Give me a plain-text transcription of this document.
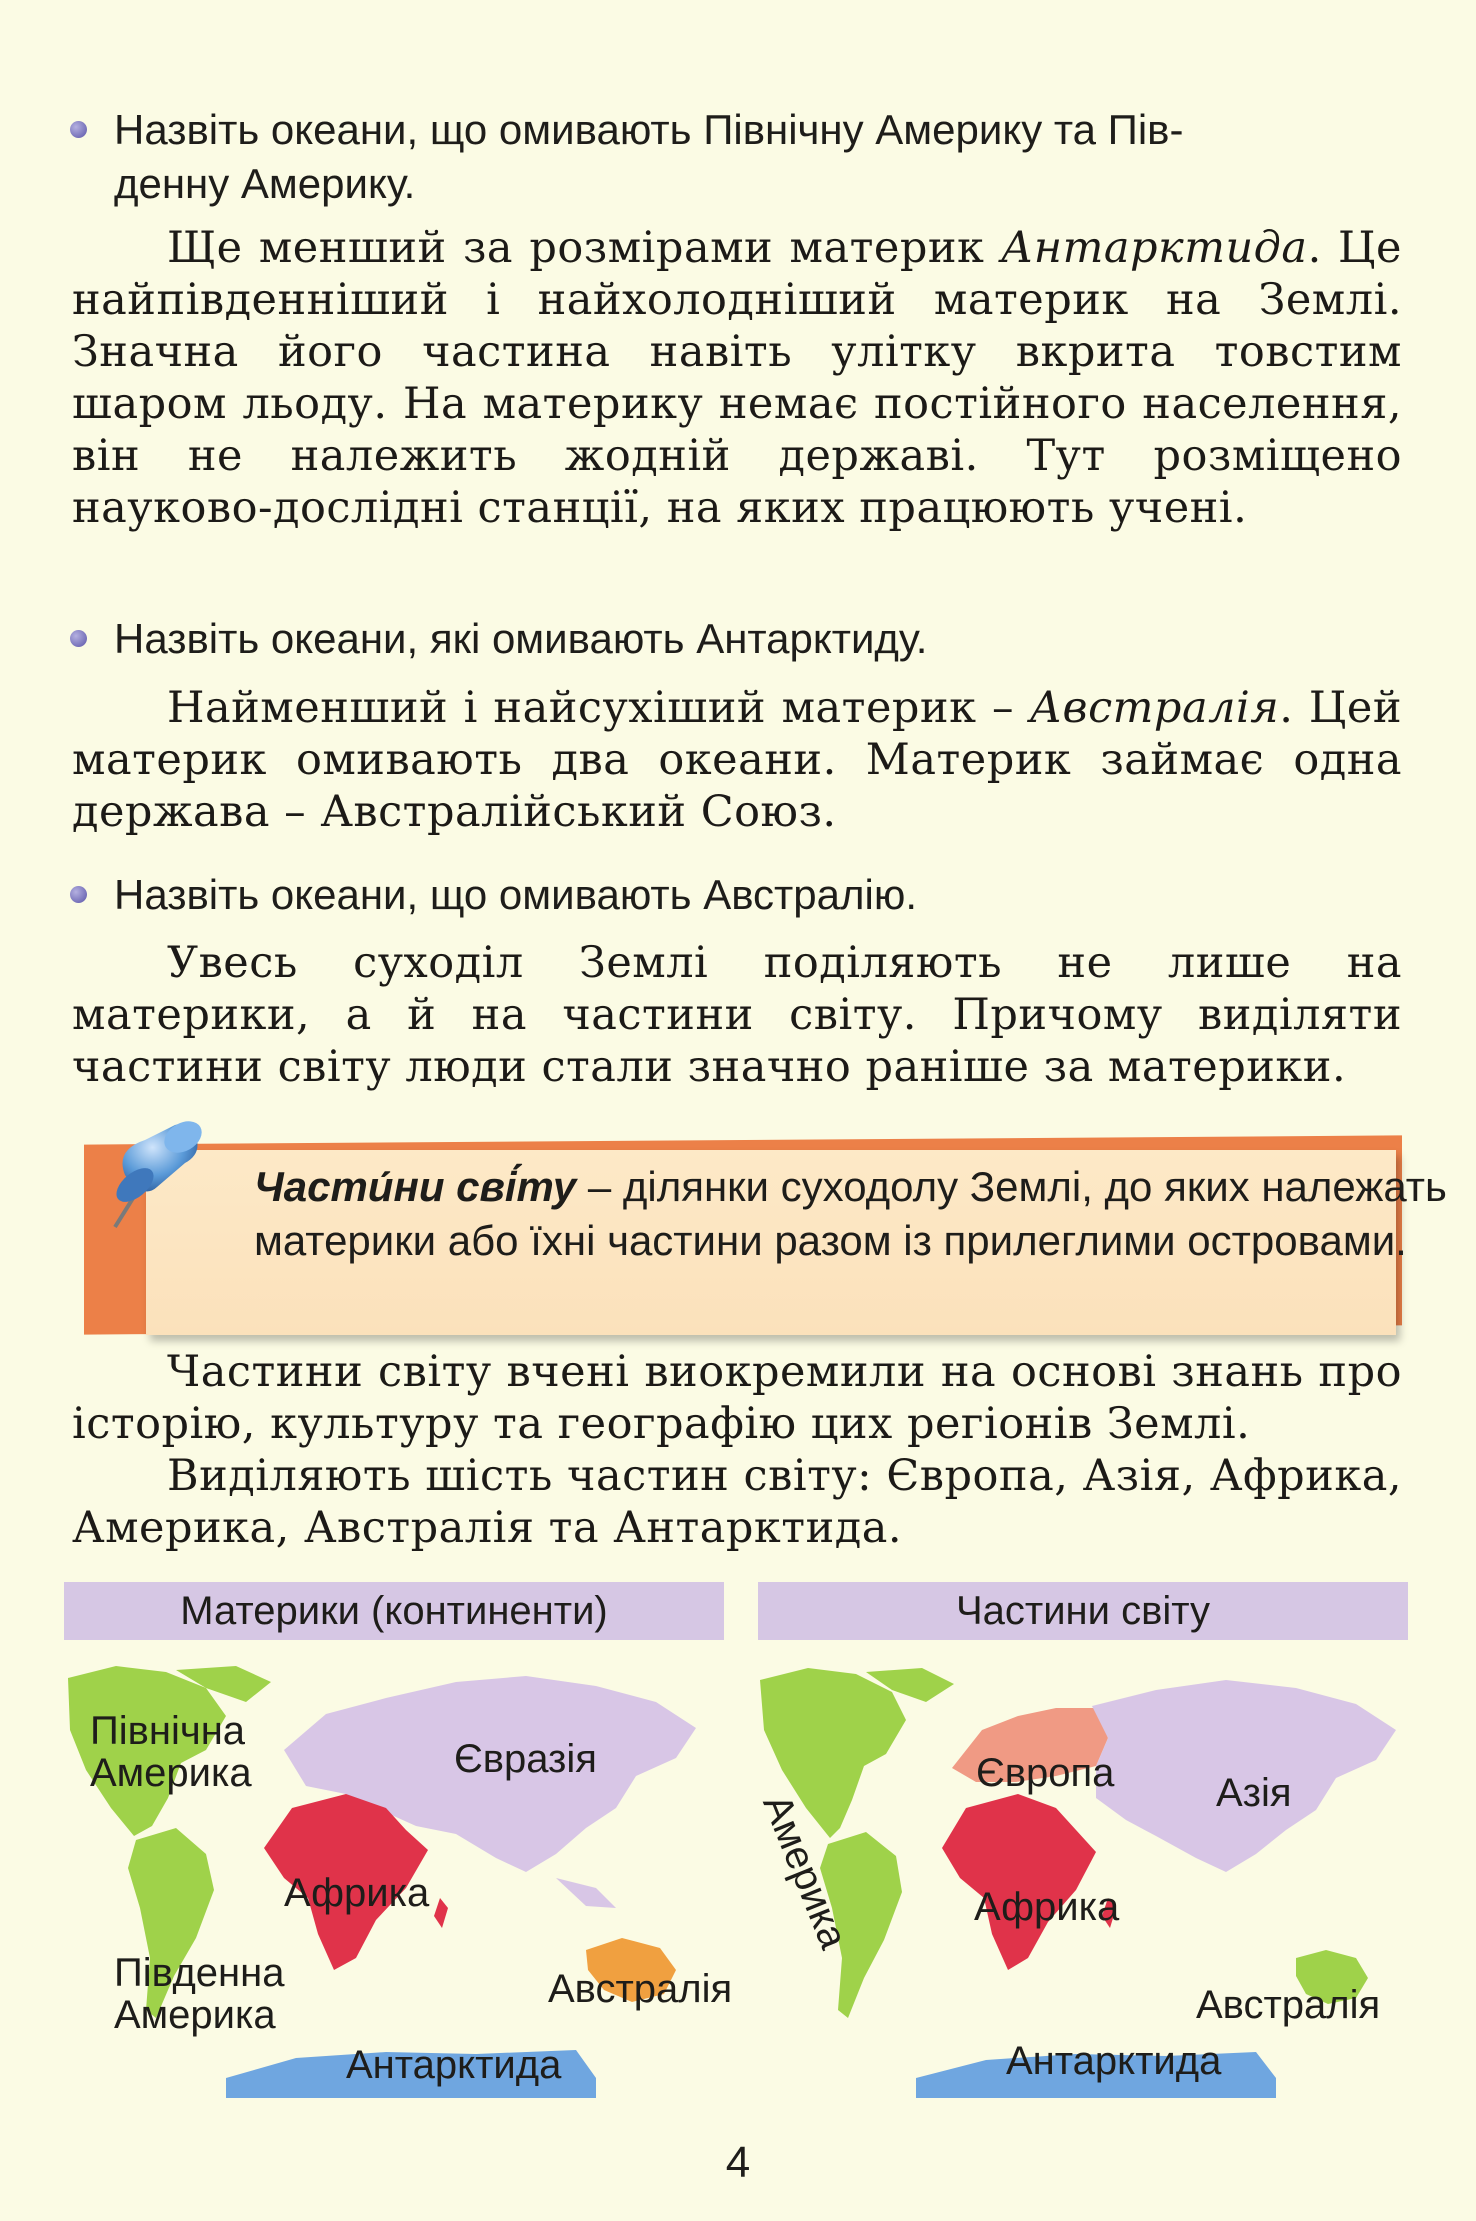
Назвіть океани, що омивають Північну Америку та Пів-
денну Америку.
Ще менший за розмірами материк Антарктида. Це найпівденніший і найхолодніший материк на Землі. Значна його частина навіть улітку вкрита товстим шаром льоду. На материку немає постійного населення, він не належить жодній державі. Тут розміщено науково-дослідні станції, на яких працюють учені.
Назвіть океани, які омивають Антарктиду.
Найменший і найсухіший материк – Австралія. Цей материк омивають два океани. Материк займає одна держава – Австралійський Союз.
Назвіть океани, що омивають Австралію.
Увесь суходіл Землі поділяють не лише на материки, а й на частини світу. Причому виділяти частини світу люди стали значно раніше за материки.
Части́ни сві́ту – ділянки суходолу Землі, до яких належать материки або їхні частини разом із прилеглими островами.
Частини світу вчені виокремили на основі знань про історію, культуру та географію цих регіонів Землі.
Виділяють шість частин світу: Європа, Азія, Африка, Америка, Австралія та Антарктида.
Материки (континенти)	Частини світу
Північна
Америка	Євразія
Африка
Південна
Америка
Австралія
Антарктида
Америка
Європа	Азія
Африка
Австралія
Антарктида
4
